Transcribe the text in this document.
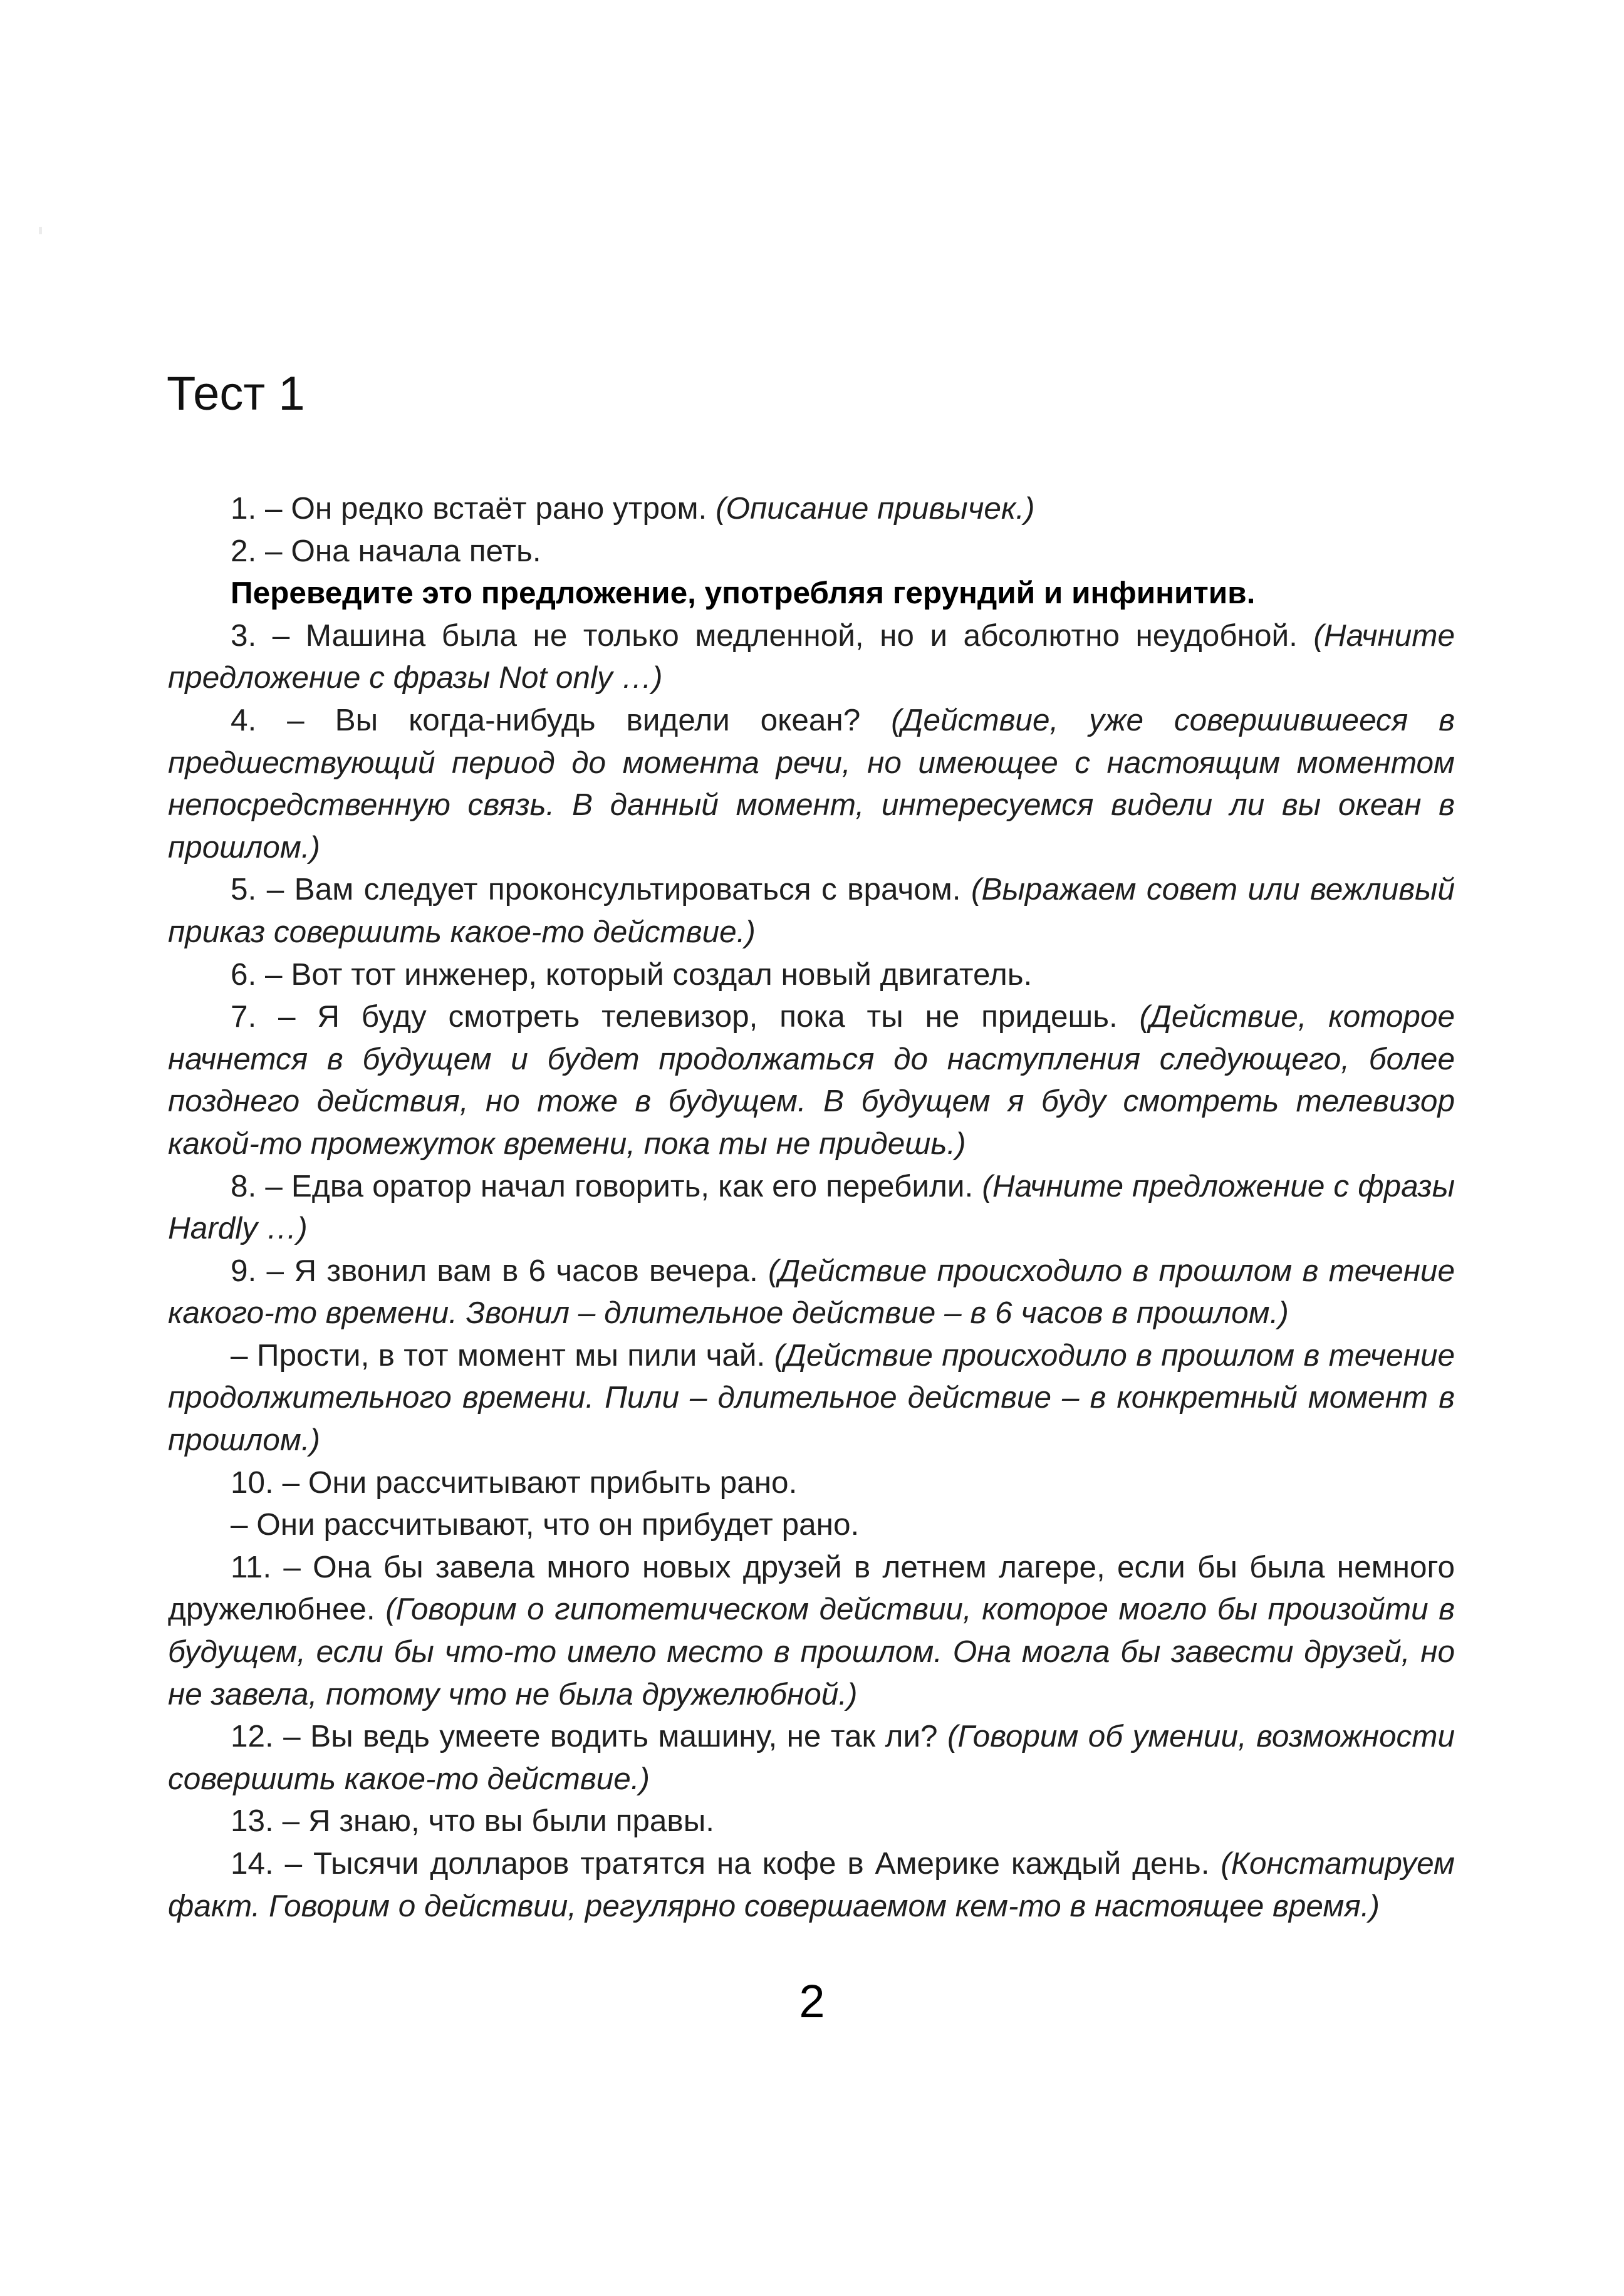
Тест 1

1. – Он редко встаёт рано утром. (Описание привычек.)

2. – Она начала петь.

Переведите это предложение, употребляя герундий и инфинитив.

3. – Машина была не только медленной, но и абсолютно неудобной. (Начните предложение с фразы Not only …)

4. – Вы когда-нибудь видели океан? (Действие, уже совершившееся в предшествующий период до момента речи, но имеющее с настоящим моментом непосредственную связь. В данный момент, интересуемся видели ли вы океан в прошлом.)

5. – Вам следует проконсультироваться с врачом. (Выражаем совет или вежливый приказ совершить какое-то действие.)

6. – Вот тот инженер, который создал новый двигатель.

7. – Я буду смотреть телевизор, пока ты не придешь. (Действие, которое начнется в будущем и будет продолжаться до наступления следующего, более позднего действия, но тоже в будущем. В будущем я буду смотреть телевизор какой-то промежуток времени, пока ты не придешь.)

8. – Едва оратор начал говорить, как его перебили. (Начните предложение с фразы Hardly …)

9. – Я звонил вам в 6 часов вечера. (Действие происходило в прошлом в течение какого-то времени. Звонил – длительное действие – в 6 часов в прошлом.)

– Прости, в тот момент мы пили чай. (Действие происходило в прошлом в течение продолжительного времени. Пили – длительное действие – в конкретный момент в прошлом.)

10. – Они рассчитывают прибыть рано.

– Они рассчитывают, что он прибудет рано.

11. – Она бы завела много новых друзей в летнем лагере, если бы была немного дружелюбнее. (Говорим о гипотетическом действии, которое могло бы произойти в будущем, если бы что-то имело место в прошлом. Она могла бы завести друзей, но не завела, потому что не была дружелюбной.)

12. – Вы ведь умеете водить машину, не так ли? (Говорим об умении, возможности совершить какое-то действие.)

13. – Я знаю, что вы были правы.

14. – Тысячи долларов тратятся на кофе в Америке каждый день. (Констатируем факт. Говорим о действии, регулярно совершаемом кем-то в настоящее время.)

2
